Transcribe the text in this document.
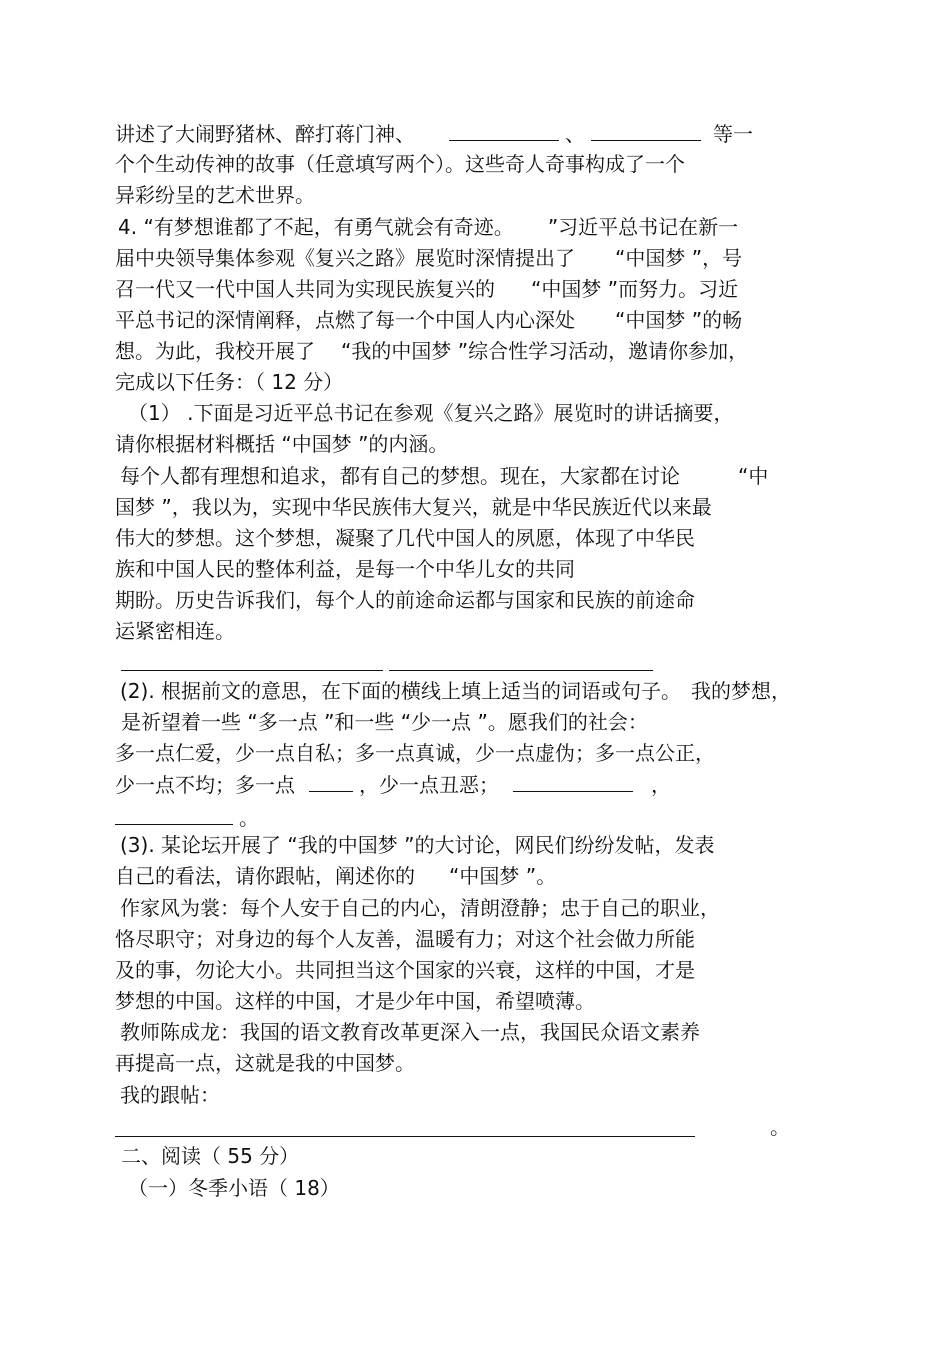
讲述了大闹野猪林、醉打蒋门神、	、	等一
个个生动传神的故事（任意填写两个）。这些奇人奇事构成了一个
异彩纷呈的艺术世界。
4. “有梦想谁都了不起，有勇气就会有奇迹。 ”习近平总书记在新一
届中央领导集体参观《复兴之路》展览时深情提出了 “中国梦 ”，号
召一代又一代中国人共同为实现民族复兴的 “中国梦 ”而努力。习近
平总书记的深情阐释，点燃了每一个中国人内心深处 “中国梦 ”的畅
想。为此，我校开展了 “我的中国梦 ”综合性学习活动，邀请你参加，
完成以下任务：（ 12 分）
（1） .下面是习近平总书记在参观《复兴之路》展览时的讲话摘要，
请你根据材料概括 “中国梦 ”的内涵。
每个人都有理想和追求，都有自己的梦想。现在，大家都在讨论	“中
国梦 ”，我以为，实现中华民族伟大复兴，就是中华民族近代以来最
伟大的梦想。这个梦想，凝聚了几代中国人的夙愿，体现了中华民
族和中国人民的整体利益，是每一个中华儿女的共同
期盼。历史告诉我们，每个人的前途命运都与国家和民族的前途命
运紧密相连。
(2). 根据前文的意思，在下面的横线上填上适当的词语或句子。 我的梦想，
是祈望着一些 “多一点 ”和一些 “少一点 ”。愿我们的社会：
多一点仁爱，少一点自私；多一点真诚，少一点虚伪；多一点公正，
少一点不均；多一点	，少一点丑恶；	，
。
(3). 某论坛开展了 “我的中国梦 ”的大讨论，网民们纷纷发帖，发表
自己的看法，请你跟帖，阐述你的 “中国梦 ”。
作家风为裳：每个人安于自己的内心，清朗澄静；忠于自己的职业，
恪尽职守；对身边的每个人友善，温暖有力；对这个社会做力所能
及的事，勿论大小。共同担当这个国家的兴衰，这样的中国，才是
梦想的中国。这样的中国，才是少年中国，希望喷薄。
教师陈成龙：我国的语文教育改革更深入一点，我国民众语文素养
再提高一点，这就是我的中国梦。
我的跟帖：
。
二、阅读（ 55 分）
（一）冬季小语（ 18）
